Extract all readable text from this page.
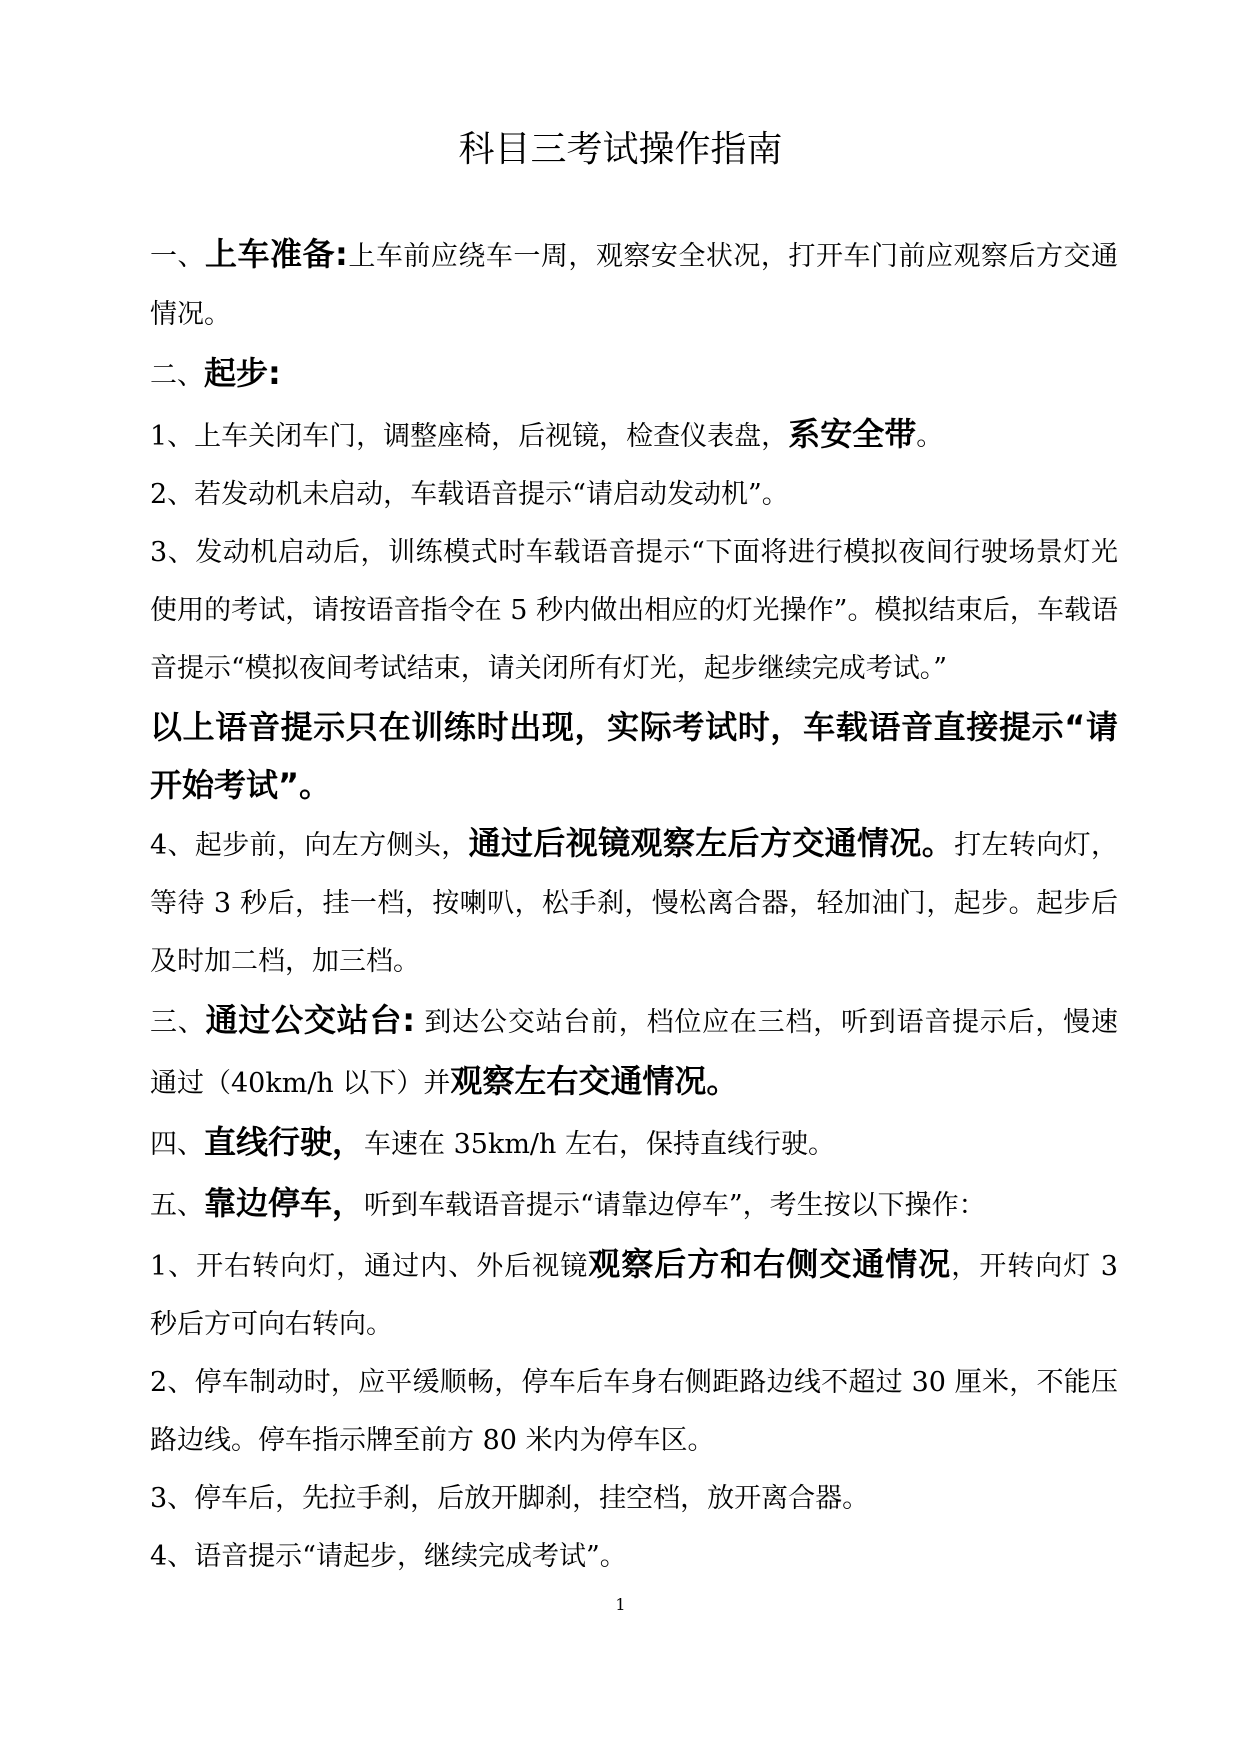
科目三考试操作指南

一、上车准备:上车前应绕车一周，观察安全状况，打开车门前应观察后方交通情况。

二、起步:

1、上车关闭车门，调整座椅，后视镜，检查仪表盘，系安全带。

2、若发动机未启动，车载语音提示“请启动发动机”。

3、发动机启动后，训练模式时车载语音提示“下面将进行模拟夜间行驶场景灯光使用的考试，请按语音指令在 5 秒内做出相应的灯光操作”。模拟结束后，车载语音提示“模拟夜间考试结束，请关闭所有灯光，起步继续完成考试。”

以上语音提示只在训练时出现，实际考试时，车载语音直接提示“请开始考试”。

4、起步前，向左方侧头，通过后视镜观察左后方交通情况。打左转向灯，等待 3 秒后，挂一档，按喇叭，松手刹，慢松离合器，轻加油门，起步。起步后及时加二档，加三档。

三、通过公交站台: 到达公交站台前，档位应在三档，听到语音提示后，慢速通过（40km/h 以下）并观察左右交通情况。

四、直线行驶，车速在 35km/h 左右，保持直线行驶。

五、靠边停车，听到车载语音提示“请靠边停车”，考生按以下操作：

1、开右转向灯，通过内、外后视镜观察后方和右侧交通情况，开转向灯 3 秒后方可向右转向。

2、停车制动时，应平缓顺畅，停车后车身右侧距路边线不超过 30 厘米，不能压路边线。停车指示牌至前方 80 米内为停车区。

3、停车后，先拉手刹，后放开脚刹，挂空档，放开离合器。

4、语音提示“请起步，继续完成考试”。

1
